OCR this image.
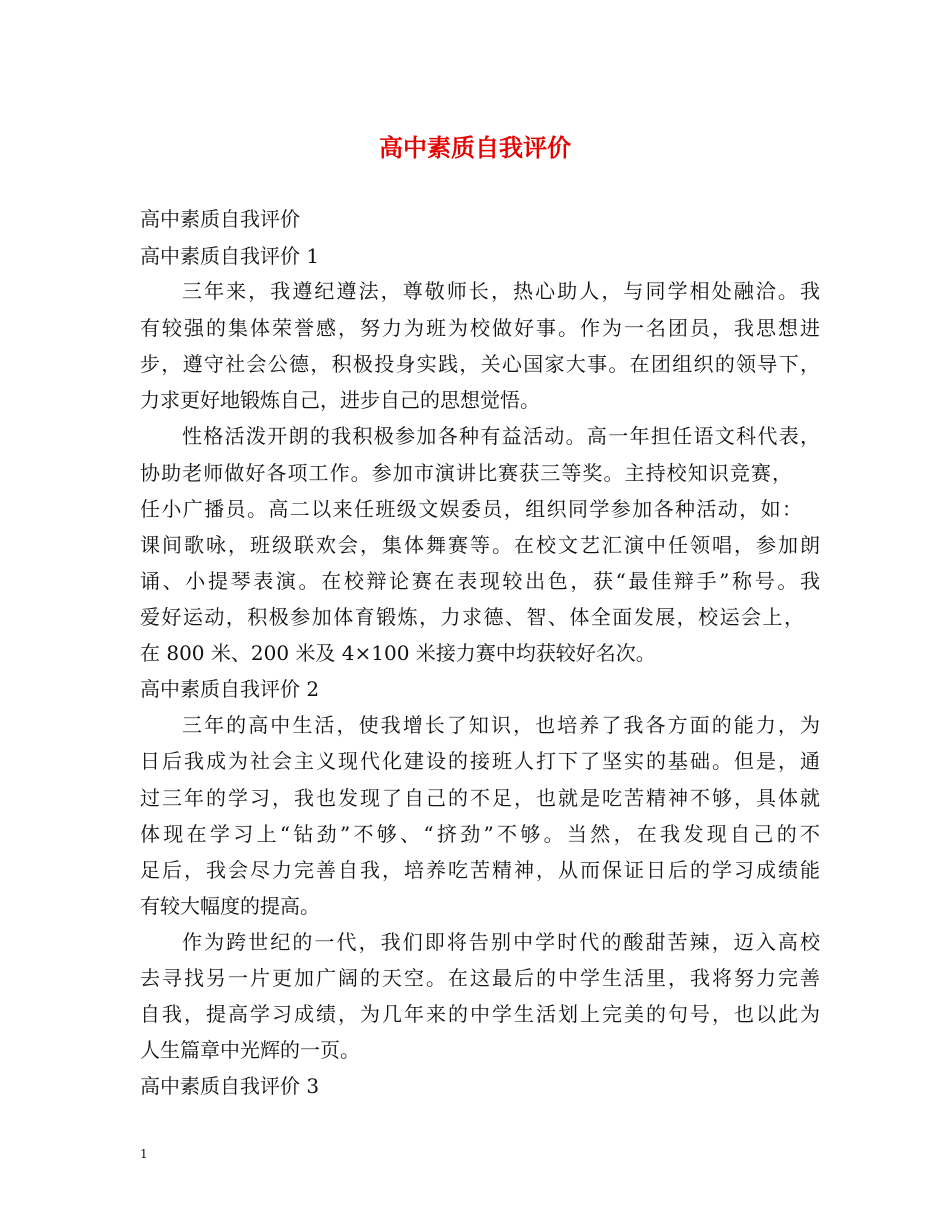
高中素质自我评价
高中素质自我评价
高中素质自我评价 1
三年来，我遵纪遵法，尊敬师长，热心助人，与同学相处融洽。我
有较强的集体荣誉感，努力为班为校做好事。作为一名团员，我思想进
步，遵守社会公德，积极投身实践，关心国家大事。在团组织的领导下，
力求更好地锻炼自己，进步自己的思想觉悟。
性格活泼开朗的我积极参加各种有益活动。高一年担任语文科代表，
协助老师做好各项工作。参加市演讲比赛获三等奖。主持校知识竞赛，
任小广播员。高二以来任班级文娱委员，组织同学参加各种活动，如：
课间歌咏，班级联欢会，集体舞赛等。在校文艺汇演中任领唱，参加朗
诵、小提琴表演。在校辩论赛在表现较出色，获“最佳辩手”称号。我
爱好运动，积极参加体育锻炼，力求德、智、体全面发展，校运会上，
在 800 米、200 米及 4×100 米接力赛中均获较好名次。
高中素质自我评价 2
三年的高中生活，使我增长了知识，也培养了我各方面的能力，为
日后我成为社会主义现代化建设的接班人打下了坚实的基础。但是，通
过三年的学习，我也发现了自己的不足，也就是吃苦精神不够，具体就
体现在学习上“钻劲”不够、“挤劲”不够。当然，在我发现自己的不
足后，我会尽力完善自我，培养吃苦精神，从而保证日后的学习成绩能
有较大幅度的提高。
作为跨世纪的一代，我们即将告别中学时代的酸甜苦辣，迈入高校
去寻找另一片更加广阔的天空。在这最后的中学生活里，我将努力完善
自我，提高学习成绩，为几年来的中学生活划上完美的句号，也以此为
人生篇章中光辉的一页。
高中素质自我评价 3
1
